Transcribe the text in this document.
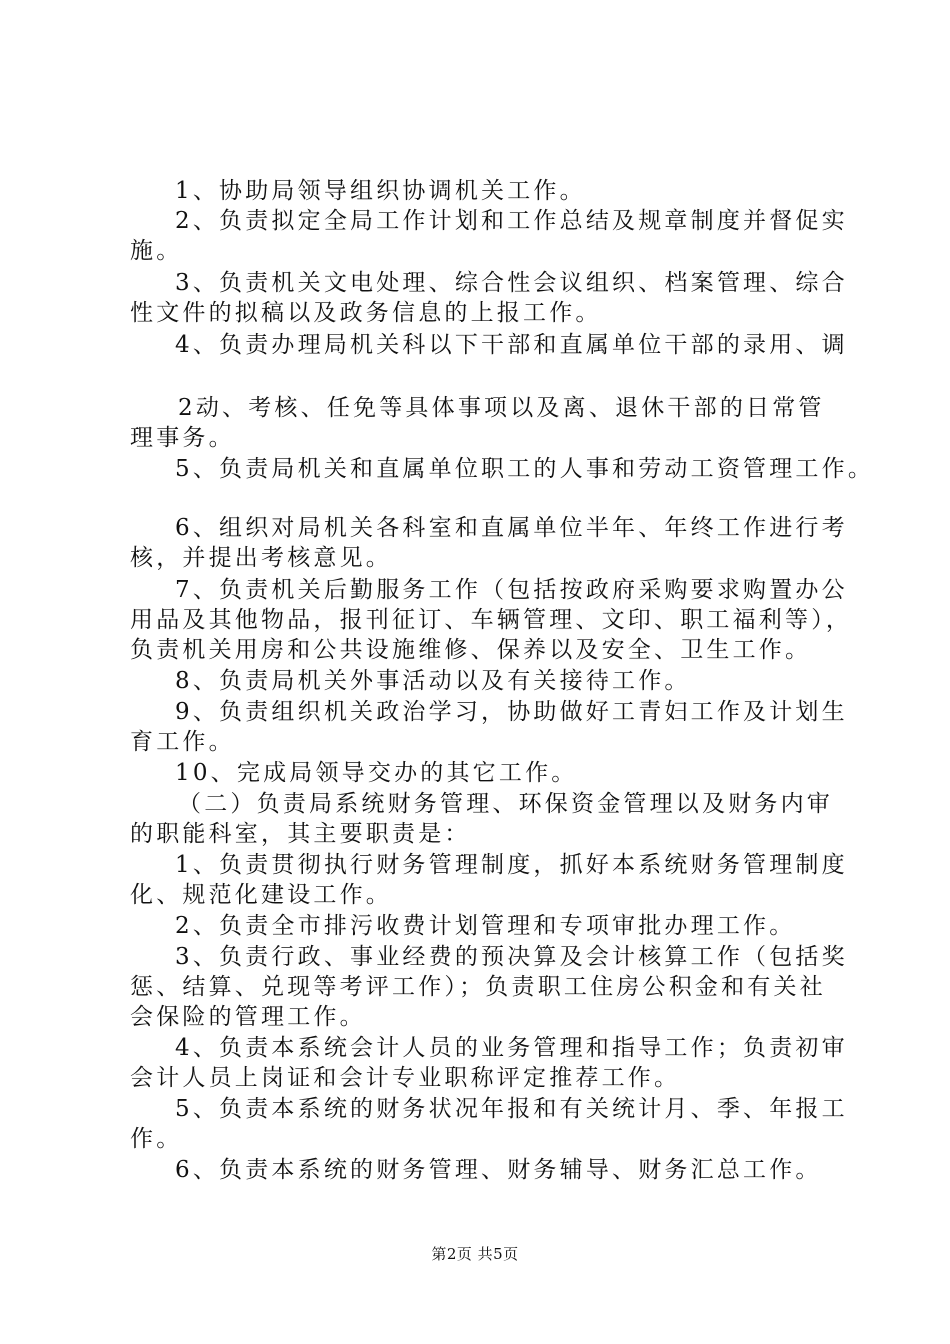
1、协助局领导组织协调机关工作。

2、负责拟定全局工作计划和工作总结及规章制度并督促实

施。

3、负责机关文电处理、综合性会议组织、档案管理、综合

性文件的拟稿以及政务信息的上报工作。

4、负责办理局机关科以下干部和直属单位干部的录用、调

2动、考核、任免等具体事项以及离、退休干部的日常管

理事务。

5、负责局机关和直属单位职工的人事和劳动工资管理工作。

6、组织对局机关各科室和直属单位半年、年终工作进行考

核，并提出考核意见。

7、负责机关后勤服务工作（包括按政府采购要求购置办公

用品及其他物品，报刊征订、车辆管理、文印、职工福利等），

负责机关用房和公共设施维修、保养以及安全、卫生工作。

8、负责局机关外事活动以及有关接待工作。

9、负责组织机关政治学习，协助做好工青妇工作及计划生

育工作。

10、完成局领导交办的其它工作。

（二）负责局系统财务管理、环保资金管理以及财务内审

的职能科室，其主要职责是：

1、负责贯彻执行财务管理制度，抓好本系统财务管理制度

化、规范化建设工作。

2、负责全市排污收费计划管理和专项审批办理工作。

3、负责行政、事业经费的预决算及会计核算工作（包括奖

惩、结算、兑现等考评工作）；负责职工住房公积金和有关社

会保险的管理工作。

4、负责本系统会计人员的业务管理和指导工作；负责初审

会计人员上岗证和会计专业职称评定推荐工作。

5、负责本系统的财务状况年报和有关统计月、季、年报工

作。

6、负责本系统的财务管理、财务辅导、财务汇总工作。

第2页 共5页
